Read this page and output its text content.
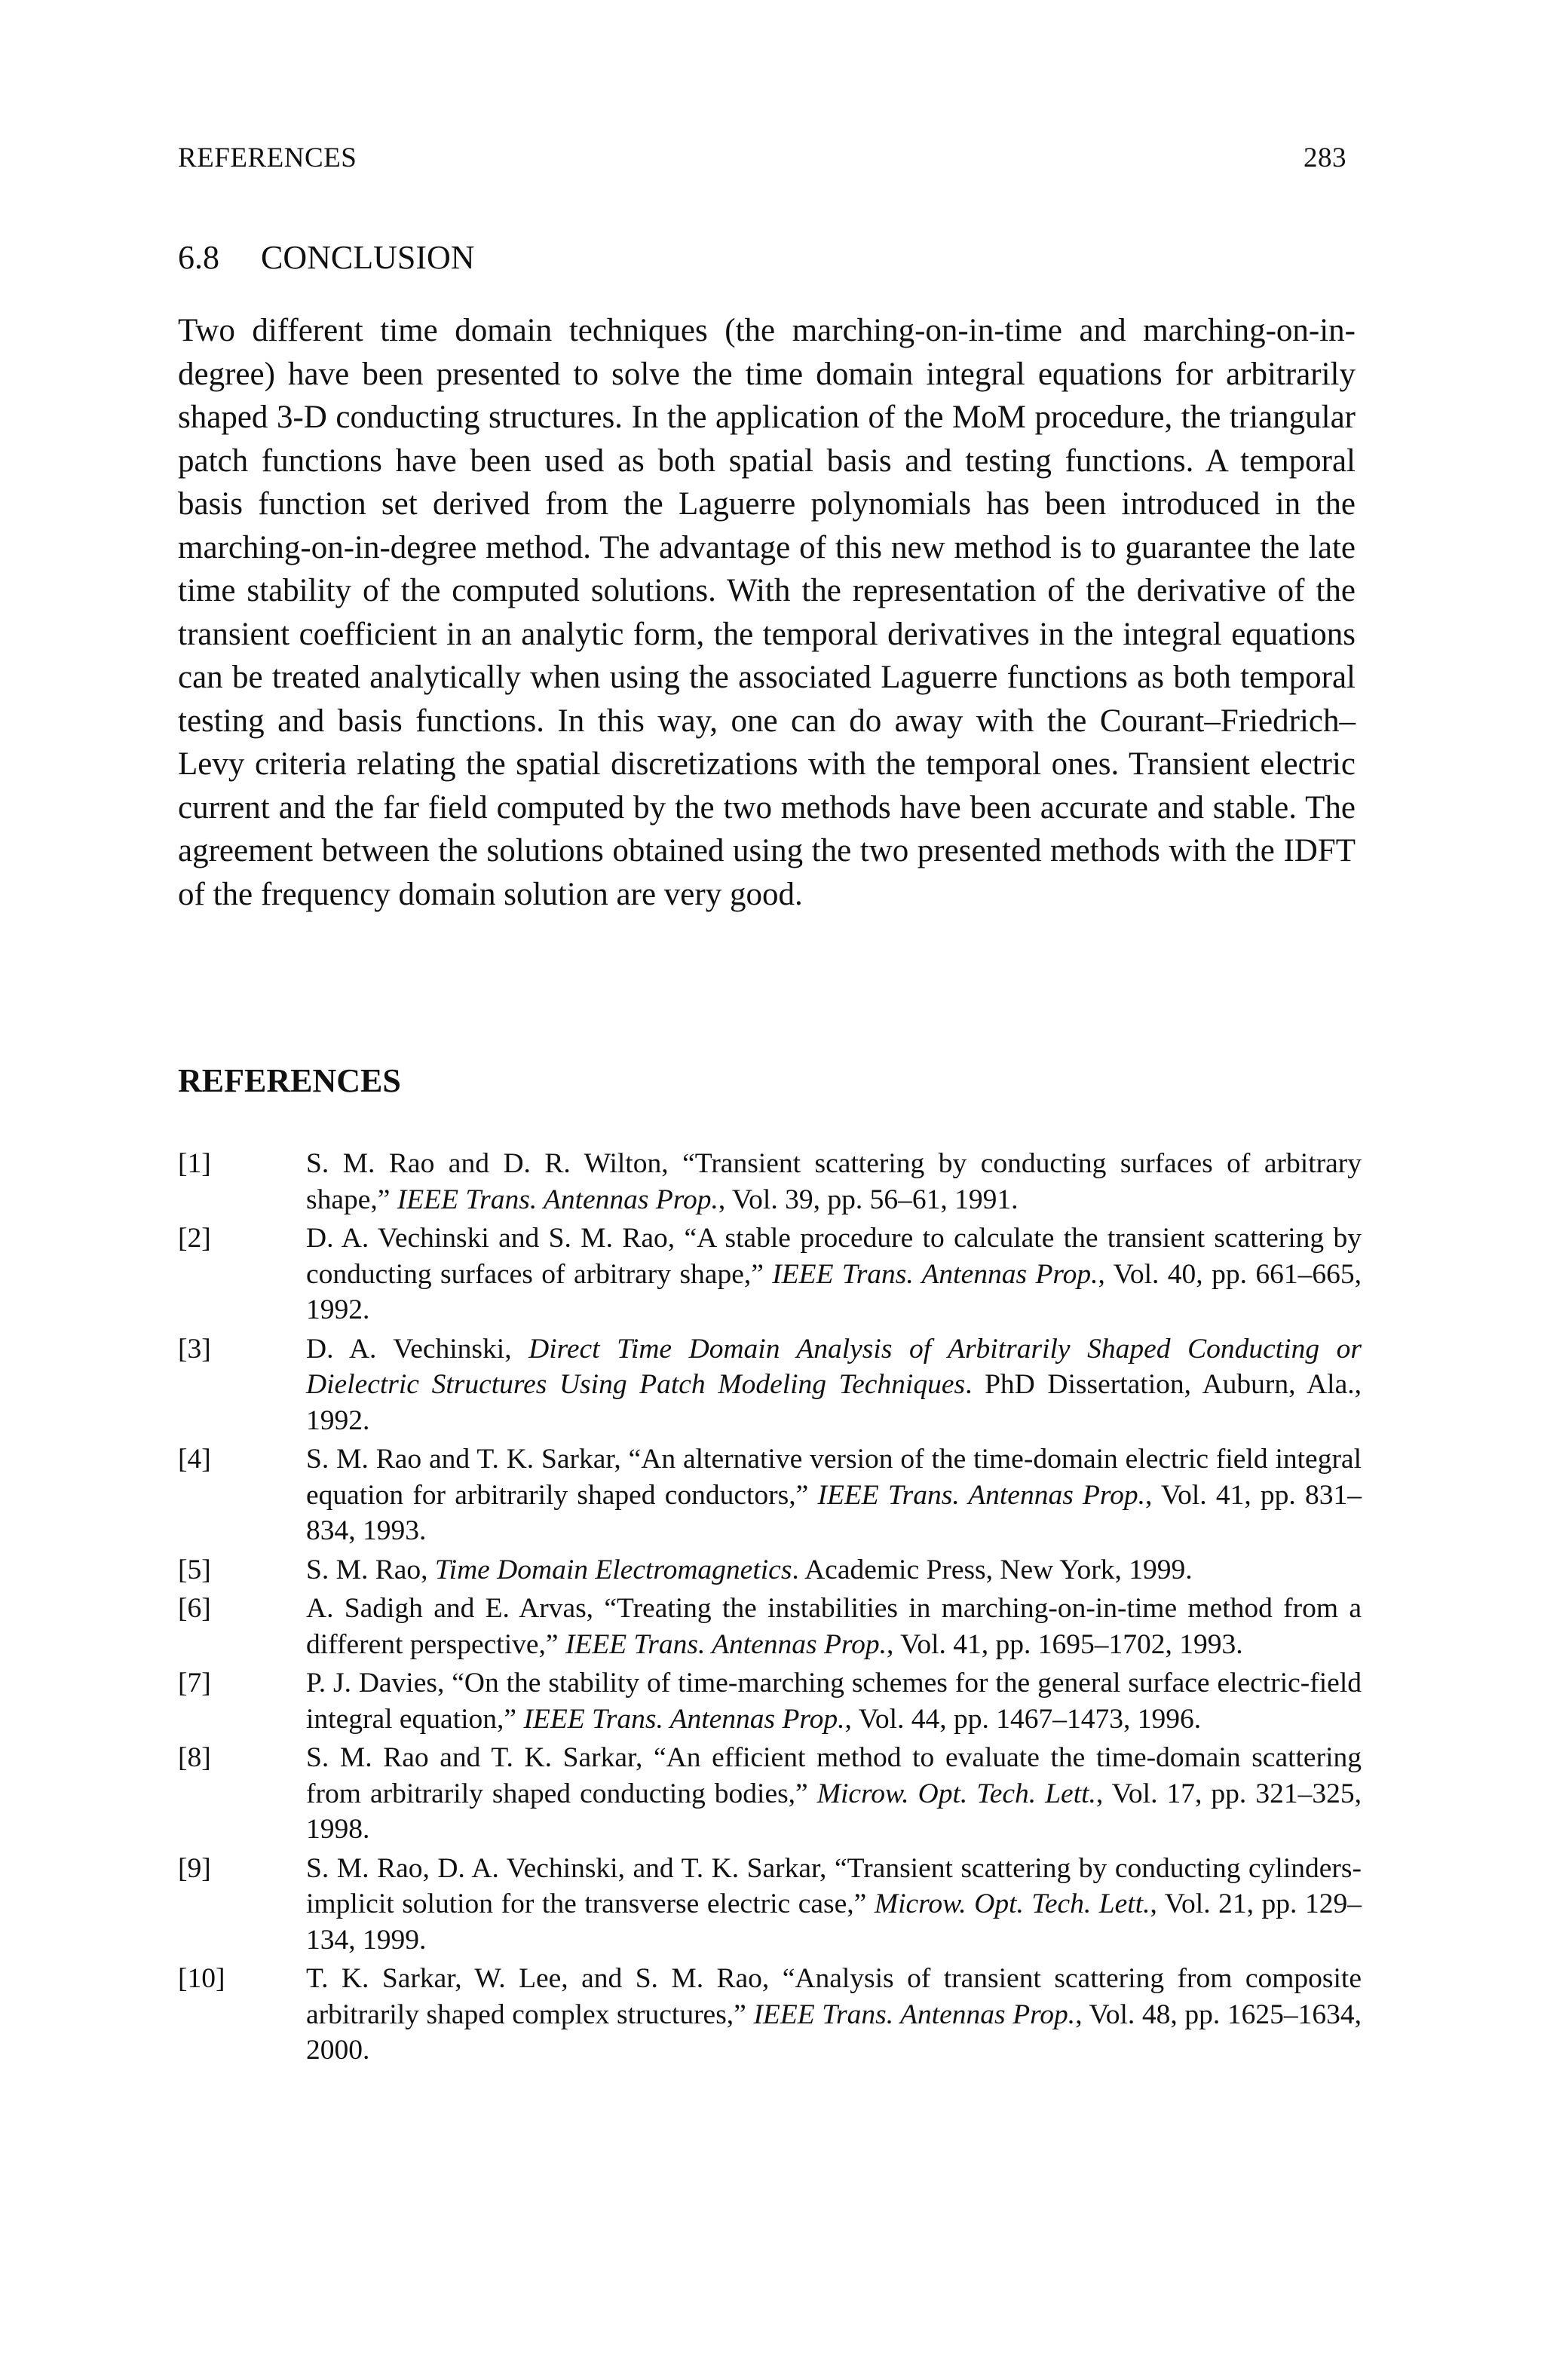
REFERENCES	283
6.8 CONCLUSION

Two different time domain techniques (the marching-on-in-time and marching-on-in-degree) have been presented to solve the time domain integral equations for arbitrarily shaped 3-D conducting structures. In the application of the MoM procedure, the triangular patch functions have been used as both spatial basis and testing functions. A temporal basis function set derived from the Laguerre polynomials has been introduced in the marching-on-in-degree method. The advantage of this new method is to guarantee the late time stability of the computed solutions. With the representation of the derivative of the transient coefficient in an analytic form, the temporal derivatives in the integral equations can be treated analytically when using the associated Laguerre functions as both temporal testing and basis functions. In this way, one can do away with the Courant–Friedrich–Levy criteria relating the spatial discretizations with the temporal ones. Transient electric current and the far field computed by the two methods have been accurate and stable. The agreement between the solutions obtained using the two presented methods with the IDFT of the frequency domain solution are very good.

REFERENCES
[1]	S. M. Rao and D. R. Wilton, “Transient scattering by conducting surfaces of arbitrary shape,” IEEE Trans. Antennas Prop., Vol. 39, pp. 56–61, 1991.
[2]	D. A. Vechinski and S. M. Rao, “A stable procedure to calculate the transient scattering by conducting surfaces of arbitrary shape,” IEEE Trans. Antennas Prop., Vol. 40, pp. 661–665, 1992.
[3]	D. A. Vechinski, Direct Time Domain Analysis of Arbitrarily Shaped Conducting or Dielectric Structures Using Patch Modeling Techniques. PhD Dissertation, Auburn, Ala., 1992.
[4]	S. M. Rao and T. K. Sarkar, “An alternative version of the time-domain electric field integral equation for arbitrarily shaped conductors,” IEEE Trans. Antennas Prop., Vol. 41, pp. 831–834, 1993.
[5]	S. M. Rao, Time Domain Electromagnetics. Academic Press, New York, 1999.
[6]	A. Sadigh and E. Arvas, “Treating the instabilities in marching-on-in-time method from a different perspective,” IEEE Trans. Antennas Prop., Vol. 41, pp. 1695–1702, 1993.
[7]	P. J. Davies, “On the stability of time-marching schemes for the general surface electric-field integral equation,” IEEE Trans. Antennas Prop., Vol. 44, pp. 1467–1473, 1996.
[8]	S. M. Rao and T. K. Sarkar, “An efficient method to evaluate the time-domain scattering from arbitrarily shaped conducting bodies,” Microw. Opt. Tech. Lett., Vol. 17, pp. 321–325, 1998.
[9]	S. M. Rao, D. A. Vechinski, and T. K. Sarkar, “Transient scattering by conducting cylinders-implicit solution for the transverse electric case,” Microw. Opt. Tech. Lett., Vol. 21, pp. 129–134, 1999.
[10]	T. K. Sarkar, W. Lee, and S. M. Rao, “Analysis of transient scattering from composite arbitrarily shaped complex structures,” IEEE Trans. Antennas Prop., Vol. 48, pp. 1625–1634, 2000.
